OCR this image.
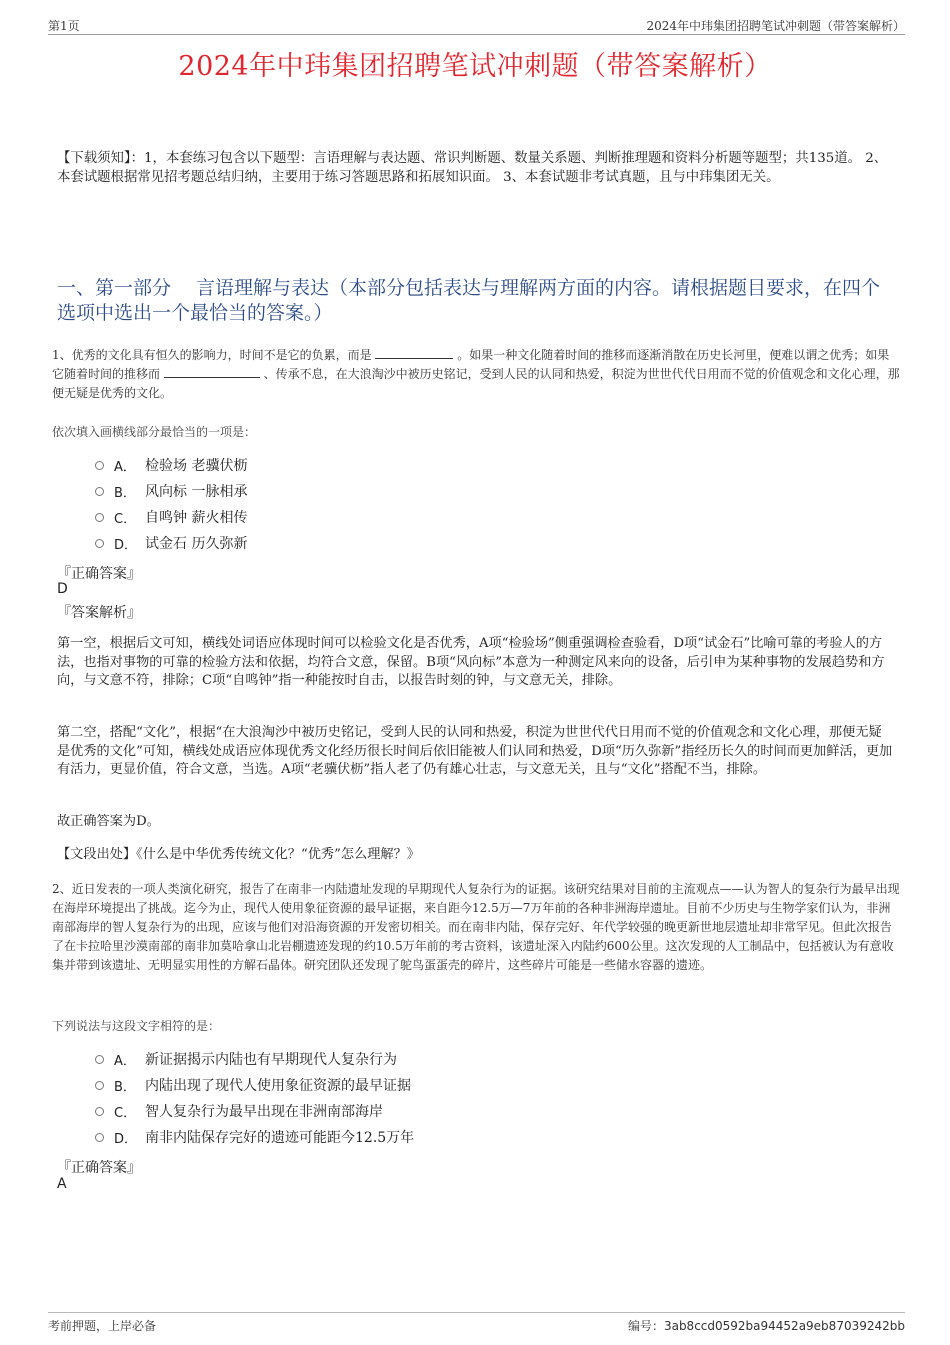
第1页	2024年中玮集团招聘笔试冲刺题（带答案解析）
2024年中玮集团招聘笔试冲刺题（带答案解析）
【下载须知】：1，本套练习包含以下题型：言语理解与表达题、常识判断题、数量关系题、判断推理题和资料分析题等题型；共135道。 2、本套试题根据常见招考题总结归纳，主要用于练习答题思路和拓展知识面。 3、本套试题非考试真题，且与中玮集团无关。
一、第一部分　 言语理解与表达（本部分包括表达与理解两方面的内容。请根据题目要求，在四个选项中选出一个最恰当的答案。）
1、优秀的文化具有恒久的影响力，时间不是它的负累，而是	。如果一种文化随着时间的推移而逐渐消散在历史长河里，便难以谓之优秀；如果它随着时间的推移而	、传承不息，在大浪淘沙中被历史铭记，受到人民的认同和热爱，积淀为世世代代日用而不觉的价值观念和文化心理，那便无疑是优秀的文化。
依次填入画横线部分最恰当的一项是：
A． 检验场 老骥伏枥
B． 风向标 一脉相承
C． 自鸣钟 薪火相传
D． 试金石 历久弥新
『正确答案』
D
『答案解析』
第一空，根据后文可知，横线处词语应体现时间可以检验文化是否优秀，A项“检验场”侧重强调检查验看，D项“试金石”比喻可靠的考验人的方法，也指对事物的可靠的检验方法和依据，均符合文意，保留。B项“风向标”本意为一种测定风来向的设备，后引申为某种事物的发展趋势和方向，与文意不符，排除；C项“自鸣钟”指一种能按时自击，以报告时刻的钟，与文意无关，排除。
第二空，搭配“文化”，根据“在大浪淘沙中被历史铭记，受到人民的认同和热爱，积淀为世世代代日用而不觉的价值观念和文化心理，那便无疑是优秀的文化”可知，横线处成语应体现优秀文化经历很长时间后依旧能被人们认同和热爱，D项“历久弥新”指经历长久的时间而更加鲜活，更加有活力，更显价值，符合文意，当选。A项“老骥伏枥”指人老了仍有雄心壮志，与文意无关，且与“文化”搭配不当，排除。
故正确答案为D。
【文段出处】《什么是中华优秀传统文化？“优秀”怎么理解？》
2、近日发表的一项人类演化研究，报告了在南非一内陆遗址发现的早期现代人复杂行为的证据。该研究结果对目前的主流观点——认为智人的复杂行为最早出现在海岸环境提出了挑战。迄今为止，现代人使用象征资源的最早证据，来自距今12.5万—7万年前的各种非洲海岸遗址。目前不少历史与生物学家们认为，非洲南部海岸的智人复杂行为的出现，应该与他们对沿海资源的开发密切相关。而在南非内陆，保存完好、年代学较强的晚更新世地层遗址却非常罕见。但此次报告了在卡拉哈里沙漠南部的南非加莫哈拿山北岩棚遗迹发现的约10.5万年前的考古资料，该遗址深入内陆约600公里。这次发现的人工制品中，包括被认为有意收集并带到该遗址、无明显实用性的方解石晶体。研究团队还发现了鸵鸟蛋蛋壳的碎片，这些碎片可能是一些储水容器的遗迹。
下列说法与这段文字相符的是：
A． 新证据揭示内陆也有早期现代人复杂行为
B． 内陆出现了现代人使用象征资源的最早证据
C． 智人复杂行为最早出现在非洲南部海岸
D． 南非内陆保存完好的遗迹可能距今12.5万年
『正确答案』
A
考前押题，上岸必备	编号：3ab8ccd0592ba94452a9eb87039242bb
